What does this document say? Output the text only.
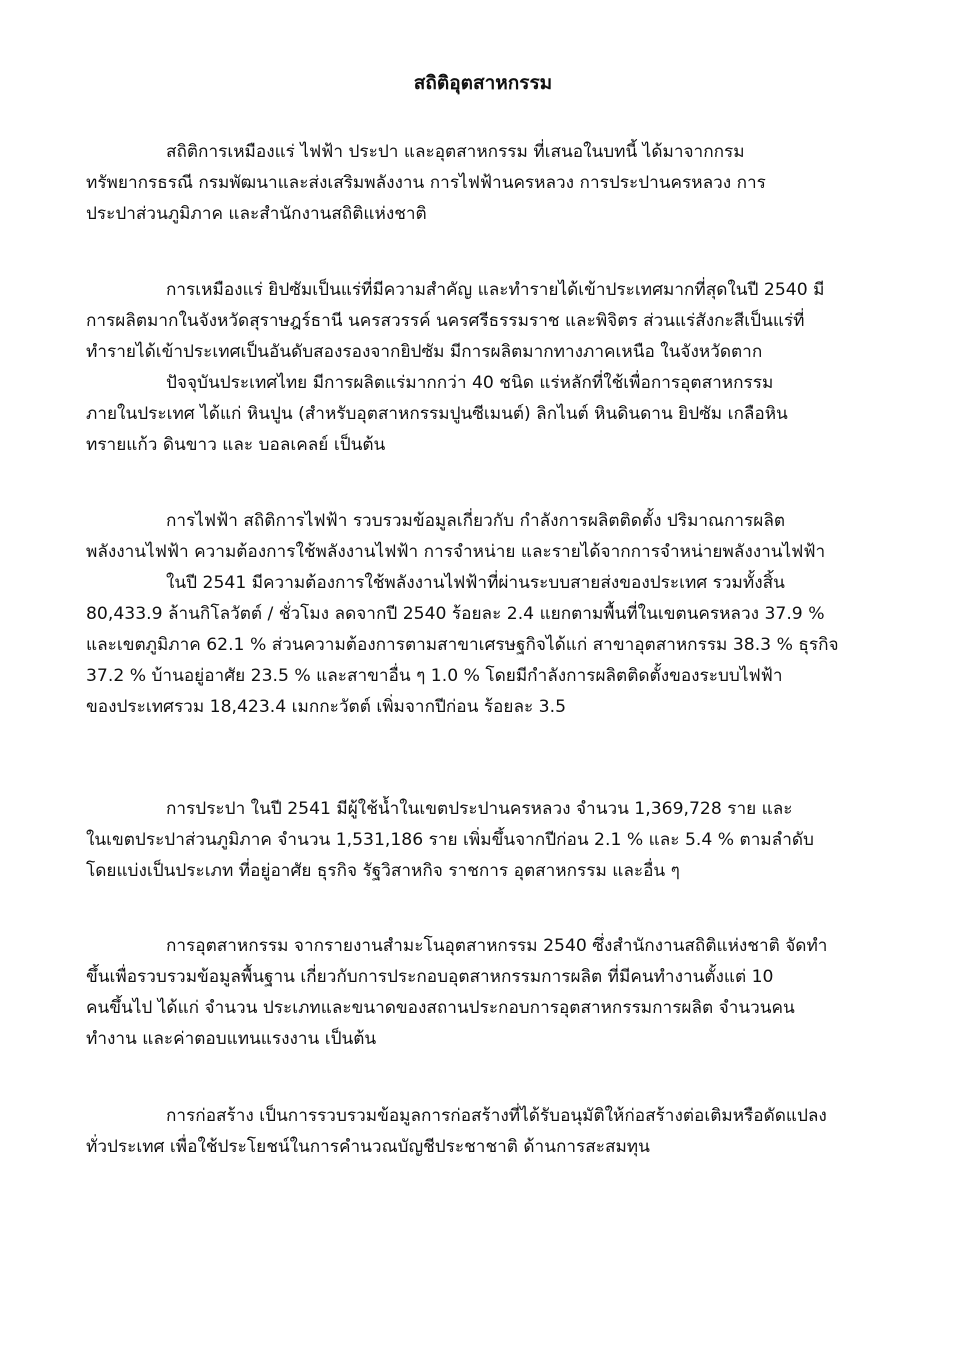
สถิติอุตสาหกรรม
สถิติการเหมืองแร่ ไฟฟ้า ประปา และอุตสาหกรรม ที่เสนอในบทนี้ ได้มาจากกรม
ทรัพยากรธรณี กรมพัฒนาและส่งเสริมพลังงาน การไฟฟ้านครหลวง การประปานครหลวง การ
ประปาส่วนภูมิภาค และสำนักงานสถิติแห่งชาติ
การเหมืองแร่ ยิปซัมเป็นแร่ที่มีความสำคัญ และทำรายได้เข้าประเทศมากที่สุดในปี 2540 มี
การผลิตมากในจังหวัดสุราษฎร์ธานี นครสวรรค์ นครศรีธรรมราช และพิจิตร ส่วนแร่สังกะสีเป็นแร่ที่
ทำรายได้เข้าประเทศเป็นอันดับสองรองจากยิปซัม มีการผลิตมากทางภาคเหนือ ในจังหวัดตาก
ปัจจุบันประเทศไทย มีการผลิตแร่มากกว่า 40 ชนิด แร่หลักที่ใช้เพื่อการอุตสาหกรรม
ภายในประเทศ ได้แก่ หินปูน (สำหรับอุตสาหกรรมปูนซีเมนต์) ลิกไนต์ หินดินดาน ยิปซัม เกลือหิน
ทรายแก้ว ดินขาว และ บอลเคลย์ เป็นต้น
การไฟฟ้า สถิติการไฟฟ้า รวบรวมข้อมูลเกี่ยวกับ กำลังการผลิตติดตั้ง ปริมาณการผลิต
พลังงานไฟฟ้า ความต้องการใช้พลังงานไฟฟ้า การจำหน่าย และรายได้จากการจำหน่ายพลังงานไฟฟ้า
ในปี 2541 มีความต้องการใช้พลังงานไฟฟ้าที่ผ่านระบบสายส่งของประเทศ รวมทั้งสิ้น
80,433.9 ล้านกิโลวัตต์ / ชั่วโมง ลดจากปี 2540 ร้อยละ 2.4 แยกตามพื้นที่ในเขตนครหลวง 37.9 %
และเขตภูมิภาค 62.1 % ส่วนความต้องการตามสาขาเศรษฐกิจได้แก่ สาขาอุตสาหกรรม 38.3 % ธุรกิจ
37.2 % บ้านอยู่อาศัย 23.5 % และสาขาอื่น ๆ 1.0 % โดยมีกำลังการผลิตติดตั้งของระบบไฟฟ้า
ของประเทศรวม 18,423.4 เมกกะวัตต์ เพิ่มจากปีก่อน ร้อยละ 3.5
การประปา ในปี 2541 มีผู้ใช้น้ำในเขตประปานครหลวง จำนวน 1,369,728 ราย และ
ในเขตประปาส่วนภูมิภาค จำนวน 1,531,186 ราย เพิ่มขึ้นจากปีก่อน 2.1 % และ 5.4 % ตามลำดับ
โดยแบ่งเป็นประเภท ที่อยู่อาศัย ธุรกิจ รัฐวิสาหกิจ ราชการ อุตสาหกรรม และอื่น ๆ
การอุตสาหกรรม จากรายงานสำมะโนอุตสาหกรรม 2540 ซึ่งสำนักงานสถิติแห่งชาติ จัดทำ
ขึ้นเพื่อรวบรวมข้อมูลพื้นฐาน เกี่ยวกับการประกอบอุตสาหกรรมการผลิต ที่มีคนทำงานตั้งแต่ 10
คนขึ้นไป ได้แก่ จำนวน ประเภทและขนาดของสถานประกอบการอุตสาหกรรมการผลิต จำนวนคน
ทำงาน และค่าตอบแทนแรงงาน เป็นต้น
การก่อสร้าง เป็นการรวบรวมข้อมูลการก่อสร้างที่ได้รับอนุมัติให้ก่อสร้างต่อเติมหรือดัดแปลง
ทั่วประเทศ เพื่อใช้ประโยชน์ในการคำนวณบัญชีประชาชาติ ด้านการสะสมทุน
